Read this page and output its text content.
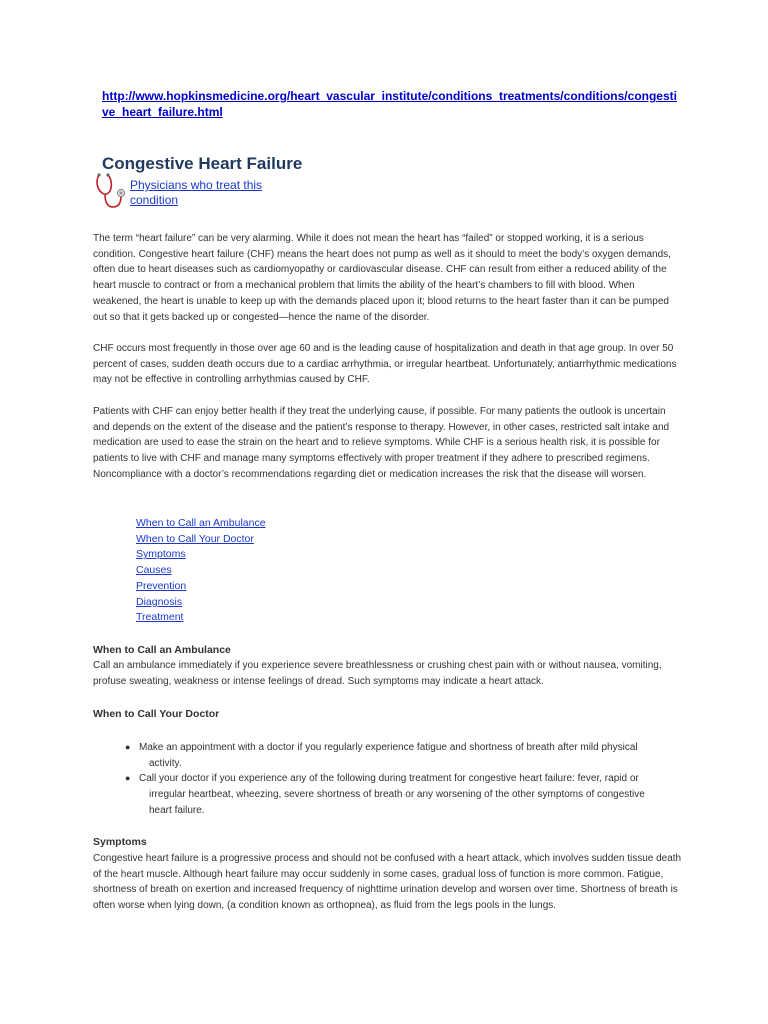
http://www.hopkinsmedicine.org/heart_vascular_institute/conditions_treatments/conditions/congestive_heart_failure.html
Congestive Heart Failure
Physicians who treat this condition

The term “heart failure” can be very alarming. While it does not mean the heart has “failed” or stopped working, it is a serious condition. Congestive heart failure (CHF) means the heart does not pump as well as it should to meet the body’s oxygen demands, often due to heart diseases such as cardiomyopathy or cardiovascular disease. CHF can result from either a reduced ability of the heart muscle to contract or from a mechanical problem that limits the ability of the heart’s chambers to fill with blood. When weakened, the heart is unable to keep up with the demands placed upon it; blood returns to the heart faster than it can be pumped out so that it gets backed up or congested—hence the name of the disorder.

CHF occurs most frequently in those over age 60 and is the leading cause of hospitalization and death in that age group. In over 50 percent of cases, sudden death occurs due to a cardiac arrhythmia, or irregular heartbeat. Unfortunately, antiarrhythmic medications may not be effective in controlling arrhythmias caused by CHF.

Patients with CHF can enjoy better health if they treat the underlying cause, if possible. For many patients the outlook is uncertain and depends on the extent of the disease and the patient’s response to therapy. However, in other cases, restricted salt intake and medication are used to ease the strain on the heart and to relieve symptoms. While CHF is a serious health risk, it is possible for patients to live with CHF and manage many symptoms effectively with proper treatment if they adhere to prescribed regimens. Noncompliance with a doctor’s recommendations regarding diet or medication increases the risk that the disease will worsen.

When to Call an Ambulance
When to Call Your Doctor
Symptoms
Causes
Prevention
Diagnosis
Treatment
When to Call an Ambulance

Call an ambulance immediately if you experience severe breathlessness or crushing chest pain with or without nausea, vomiting, profuse sweating, weakness or intense feelings of dread. Such symptoms may indicate a heart attack.

When to Call Your Doctor
● Make an appointment with a doctor if you regularly experience fatigue and shortness of breath after mild physical
activity.
● Call your doctor if you experience any of the following during treatment for congestive heart failure: fever, rapid or
irregular heartbeat, wheezing, severe shortness of breath or any worsening of the other symptoms of congestive heart failure.
Symptoms

Congestive heart failure is a progressive process and should not be confused with a heart attack, which involves sudden tissue death of the heart muscle. Although heart failure may occur suddenly in some cases, gradual loss of function is more common. Fatigue, shortness of breath on exertion and increased frequency of nighttime urination develop and worsen over time. Shortness of breath is often worse when lying down, (a condition known as orthopnea), as fluid from the legs pools in the lungs.
